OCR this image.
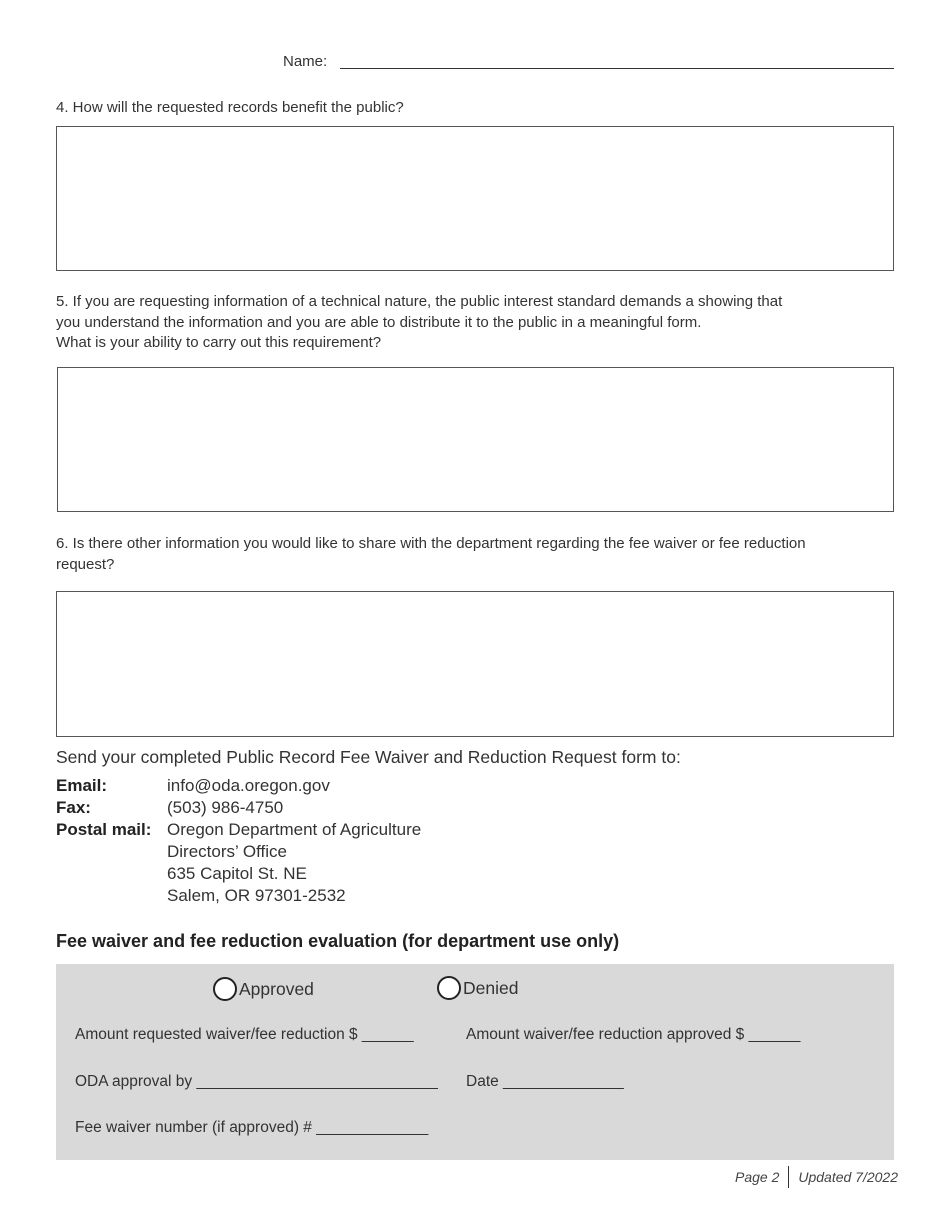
Name:
4. How will the requested records benefit the public?
5. If you are requesting information of a technical nature, the public interest standard demands a showing that
you understand the information and you are able to distribute it to the public in a meaningful form.
What is your ability to carry out this requirement?
6. Is there other information you would like to share with the department regarding the fee waiver or fee reduction
request?
Send your completed Public Record Fee Waiver and Reduction Request form to:
Email:	info@oda.oregon.gov
Fax:	(503) 986-4750
Postal mail: Oregon Department of Agriculture
Directors’ Office
635 Capitol St. NE
Salem, OR 97301-2532
Fee waiver and fee reduction evaluation (for department use only)
Approved	Denied
Amount requested waiver/fee reduction $ ______	Amount waiver/fee reduction approved $ ______
ODA approval by ____________________________ Date ______________
Fee waiver number (if approved) # _____________
Page 2 Updated 7/2022
